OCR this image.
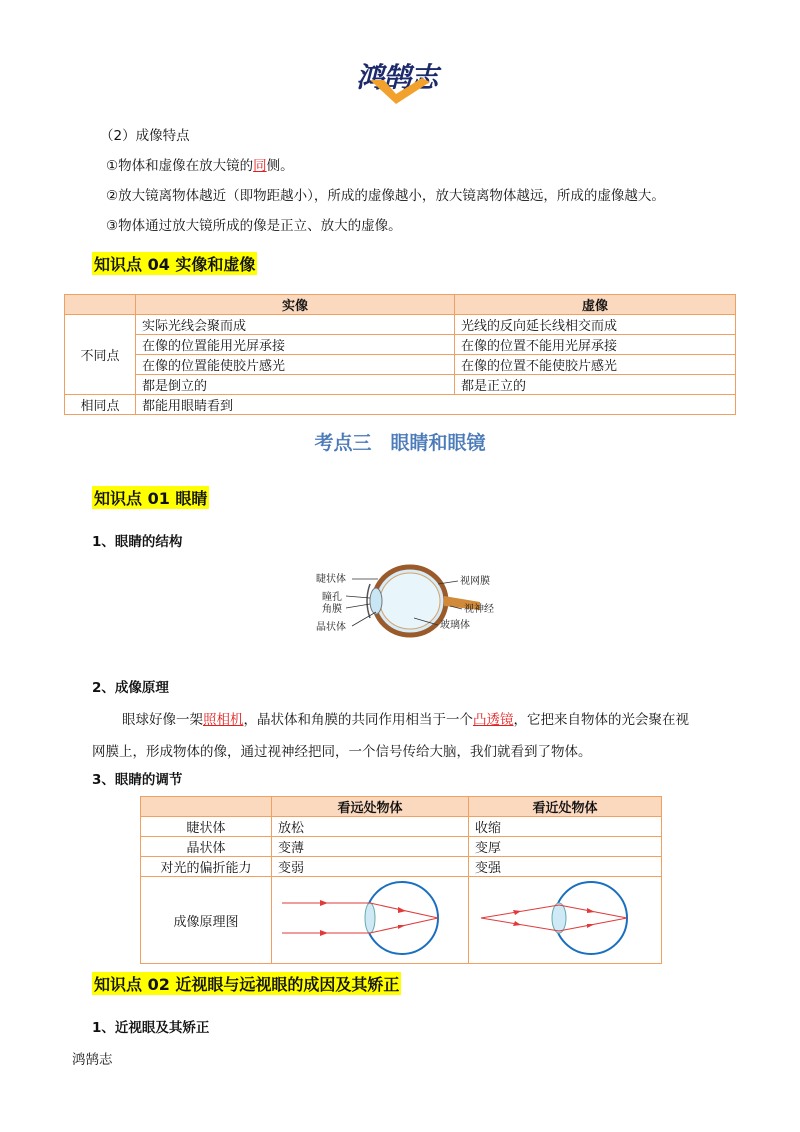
鸿鹄志
（2）成像特点
①物体和虚像在放大镜的同侧。
②放大镜离物体越近（即物距越小），所成的虚像越小，放大镜离物体越远，所成的虚像越大。
③物体通过放大镜所成的像是正立、放大的虚像。
知识点 04 实像和虚像
	实像	虚像
不同点	实际光线会聚而成	光线的反向延长线相交而成
	在像的位置能用光屏承接	在像的位置不能用光屏承接
	在像的位置能使胶片感光	在像的位置不能使胶片感光
	都是倒立的	都是正立的
相同点	都能用眼睛看到	
考点三　眼睛和眼镜
知识点 01 眼睛
1、眼睛的结构
睫状体
瞳孔
角膜
晶状体
视网膜
视神经
玻璃体
2、成像原理
眼球好像一架照相机，晶状体和角膜的共同作用相当于一个凸透镜，它把来自物体的光会聚在视
网膜上，形成物体的像，通过视神经把同，一个信号传给大脑，我们就看到了物体。
3、眼睛的调节
	看远处物体	看近处物体
睫状体	放松	收缩
晶状体	变薄	变厚
对光的偏折能力	变弱	变强
成像原理图		
知识点 02 近视眼与远视眼的成因及其矫正
1、近视眼及其矫正
鸿鹄志
